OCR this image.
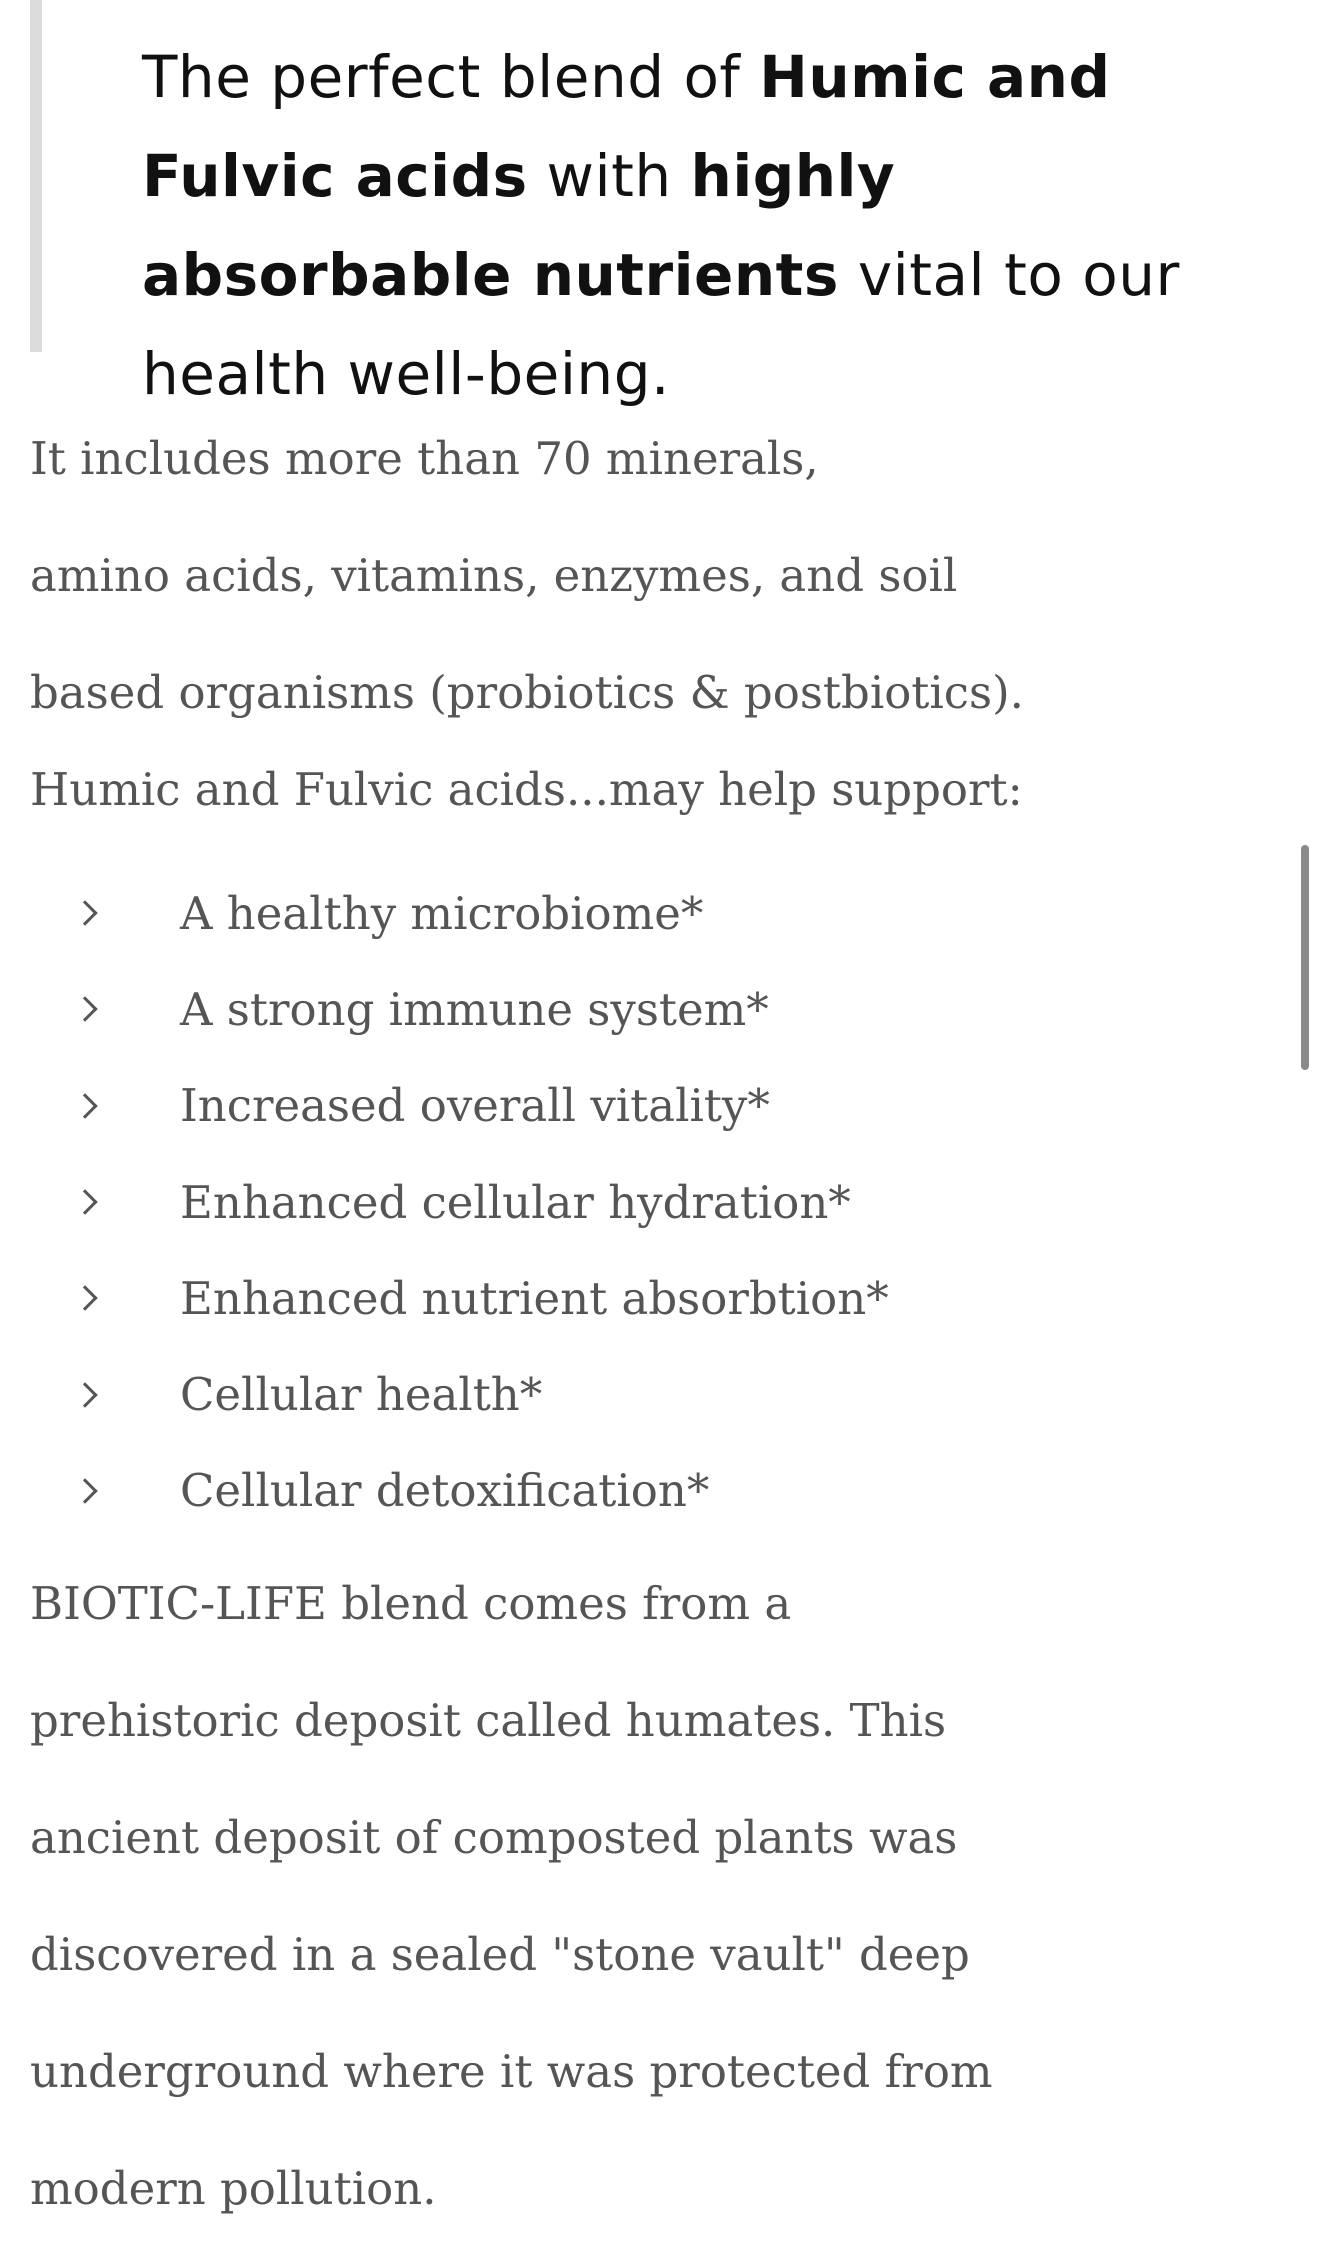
The perfect blend of Humic and Fulvic acids with highly absorbable nutrients vital to our health well-being.

It includes more than 70 minerals,
amino acids, vitamins, enzymes, and soil
based organisms (probiotics & postbiotics).

Humic and Fulvic acids...may help support:

A healthy microbiome*
A strong immune system*
Increased overall vitality*
Enhanced cellular hydration*
Enhanced nutrient absorbtion*
Cellular health*
Cellular detoxification*

BIOTIC-LIFE blend comes from a
prehistoric deposit called humates. This
ancient deposit of composted plants was
discovered in a sealed "stone vault" deep
underground where it was protected from
modern pollution.
